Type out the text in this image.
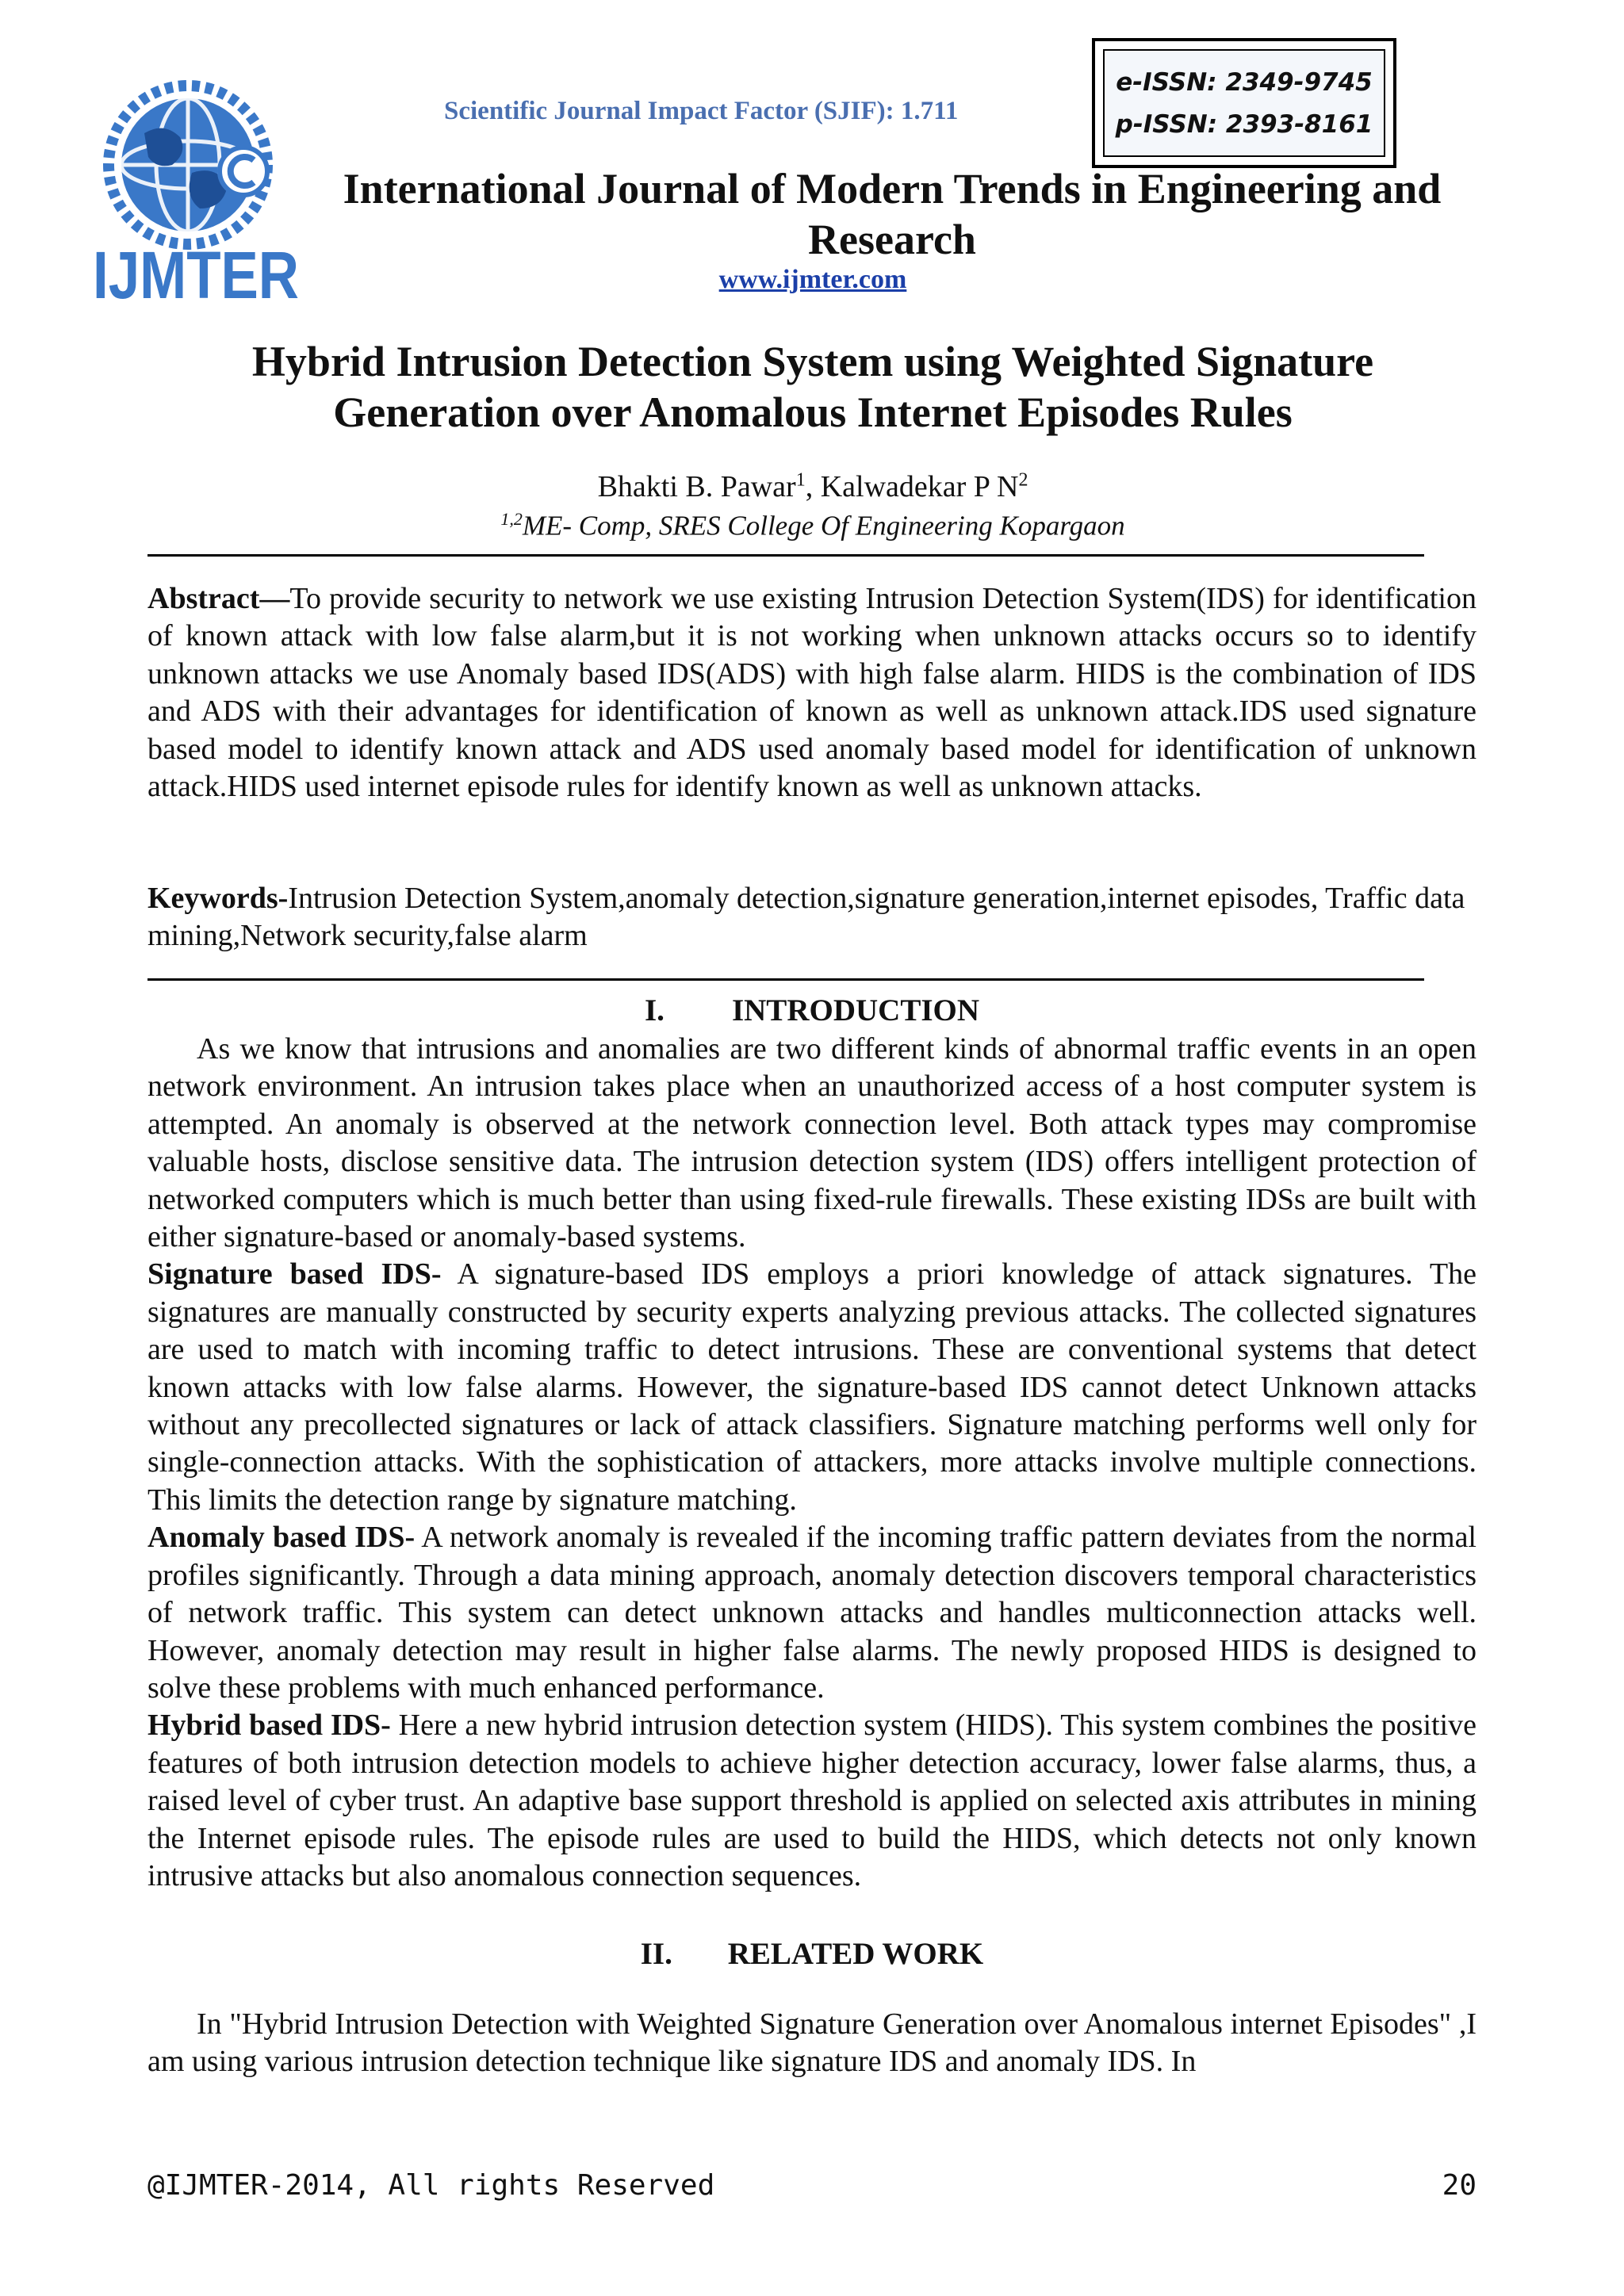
IJMTER
Scientific Journal Impact Factor (SJIF): 1.711
e-ISSN: 2349-9745
p-ISSN: 2393-8161
International Journal of Modern Trends in Engineering and Research
www.ijmter.com
Hybrid Intrusion Detection System using Weighted Signature Generation over Anomalous Internet Episodes Rules
Bhakti B. Pawar$^1$, Kalwadekar P $N^2$
$^{1,2}$ME- Comp, SRES College Of Engineering Kopargaon

Abstract—To provide security to network we use existing Intrusion Detection System(IDS) for identification of known attack with low false alarm,but it is not working when unknown attacks occurs so to identify unknown attacks we use Anomaly based IDS(ADS) with high false alarm. HIDS is the combination of IDS and ADS with their advantages for identification of known as well as unknown attack.IDS used signature based model to identify known attack and ADS used anomaly based model for identification of unknown attack.HIDS used internet episode rules for identify known as well as unknown attacks.

Keywords-Intrusion Detection System,anomaly detection,signature generation,internet episodes, Traffic data mining,Network security,false alarm

I. INTRODUCTION

As we know that intrusions and anomalies are two different kinds of abnormal traffic events in an open network environment. An intrusion takes place when an unauthorized access of a host computer system is attempted. An anomaly is observed at the network connection level. Both attack types may compromise valuable hosts, disclose sensitive data. The intrusion detection system (IDS) offers intelligent protection of networked computers which is much better than using fixed-rule firewalls. These existing IDSs are built with either signature-based or anomaly-based systems.
Signature based IDS- A signature-based IDS employs a priori knowledge of attack signatures. The signatures are manually constructed by security experts analyzing previous attacks. The collected signatures are used to match with incoming traffic to detect intrusions. These are conventional systems that detect known attacks with low false alarms. However, the signature-based IDS cannot detect Unknown attacks without any precollected signatures or lack of attack classifiers. Signature matching performs well only for single-connection attacks. With the sophistication of attackers, more attacks involve multiple connections. This limits the detection range by signature matching.
Anomaly based IDS- A network anomaly is revealed if the incoming traffic pattern deviates from the normal profiles significantly. Through a data mining approach, anomaly detection discovers temporal characteristics of network traffic. This system can detect unknown attacks and handles multiconnection attacks well. However, anomaly detection may result in higher false alarms. The newly proposed HIDS is designed to solve these problems with much enhanced performance.
Hybrid based IDS- Here a new hybrid intrusion detection system (HIDS). This system combines the positive features of both intrusion detection models to achieve higher detection accuracy, lower false alarms, thus, a raised level of cyber trust. An adaptive base support threshold is applied on selected axis attributes in mining the Internet episode rules. The episode rules are used to build the HIDS, which detects not only known intrusive attacks but also anomalous connection sequences.

II. RELATED WORK

In "Hybrid Intrusion Detection with Weighted Signature Generation over Anomalous internet Episodes" ,I am using various intrusion detection technique like signature IDS and anomaly IDS. In

@IJMTER-2014, All rights Reserved	20
